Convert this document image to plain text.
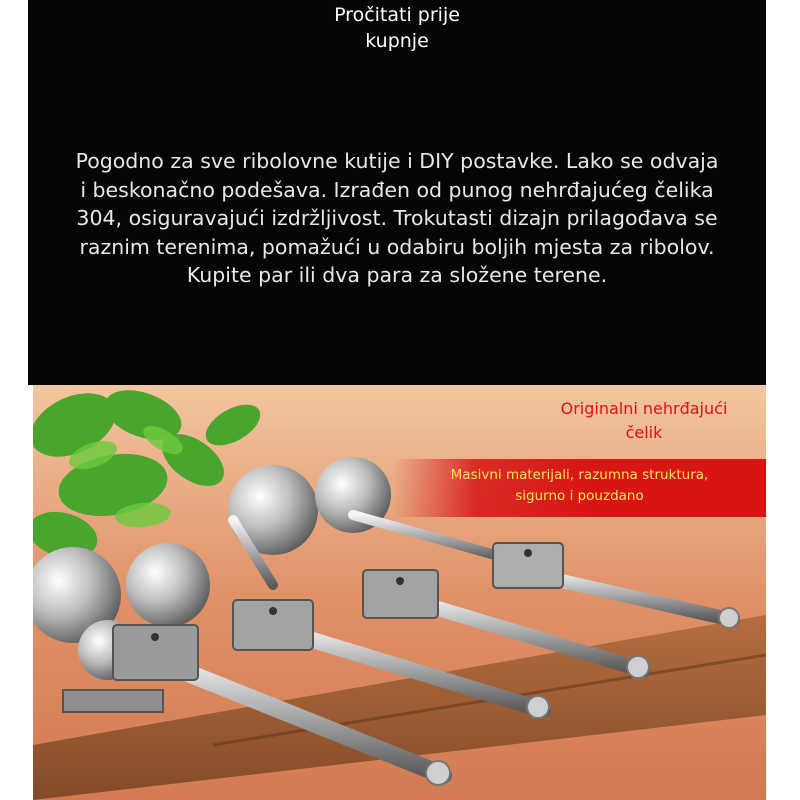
Pročitati prije
kupnje
Pogodno za sve ribolovne kutije i DIY postavke. Lako se odvaja
i beskonačno podešava. Izrađen od punog nehrđajućeg čelika
304, osiguravajući izdržljivost. Trokutasti dizajn prilagođava se
raznim terenima, pomažući u odabiru boljih mjesta za ribolov.
Kupite par ili dva para za složene terene.
Originalni nehrđajući
čelik
Masivni materijali, razumna struktura,
sigurno i pouzdano
